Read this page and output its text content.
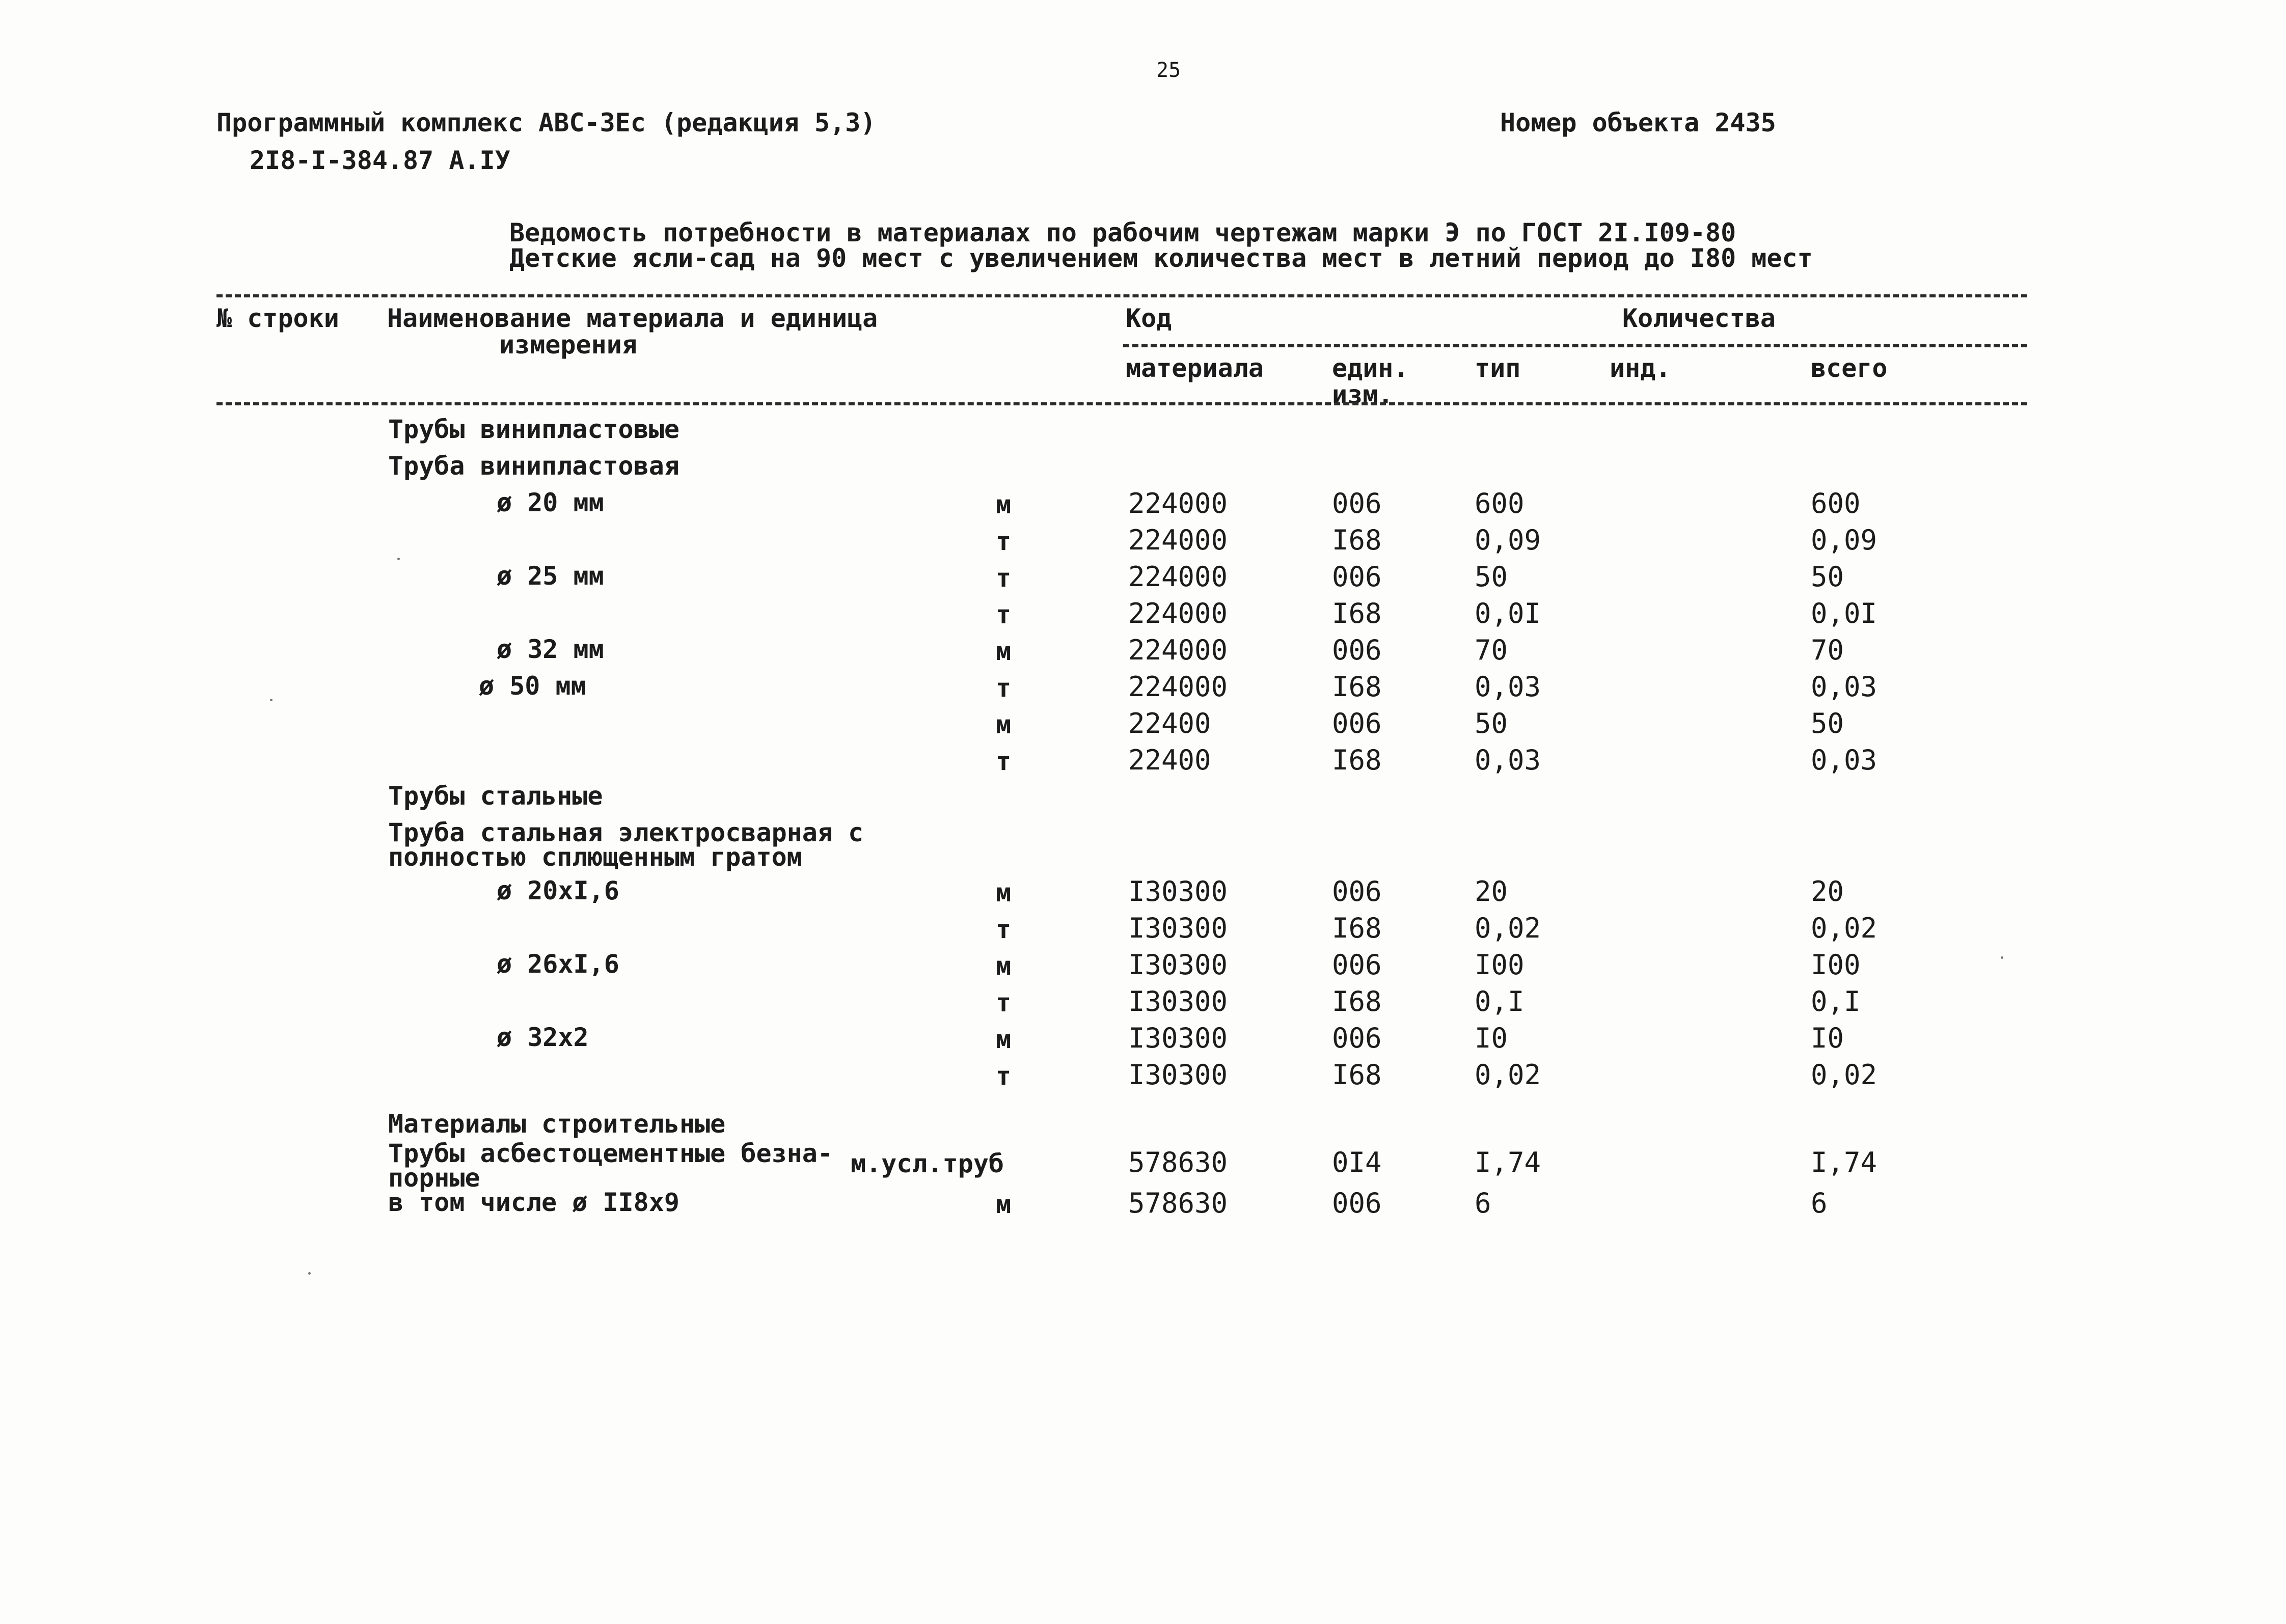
25
Программный комплекс АВС-ЗЕс (редакция 5,3)
2I8-I-384.87 А.IУ
Номер объекта 2435
Ведомость потребности в материалах по рабочим чертежам марки Э по ГОСТ 2I.I09-80
Детские ясли-сад на 90 мест с увеличением количества мест в летний период до I80 мест
№ строки Наименование материала и единица
измерения
Код	Количества
материала	един.
изм.
тип	инд.	всего
Трубы винипластовые
Труба винипластовая
ø 20 мм	м	224000	006	600	600
т	224000	I68	0,09	0,09
ø 25 мм	т	224000	006	50	50
т	224000	I68	0,0I	0,0I
ø 32 мм	м	224000	006	70	70
ø 50 мм	т	224000	I68	0,03	0,03
м	22400	006	50	50
т	22400	I68	0,03	0,03
Трубы стальные
Труба стальная электросварная с
полностью сплющенным гратом
ø 20хI,6	м	I30300	006	20	20
т	I30300	I68	0,02	0,02
ø 26хI,6	м	I30300	006	I00	I00
т	I30300	I68	0,I	0,I
ø 32х2	м	I30300	006	I0	I0
т	I30300	I68	0,02	0,02
Материалы строительные
Трубы асбестоцементные безна-
порные	м.усл.труб	578630	0I4	I,74	I,74
в том числе ø II8х9	м	578630	006	6	6
